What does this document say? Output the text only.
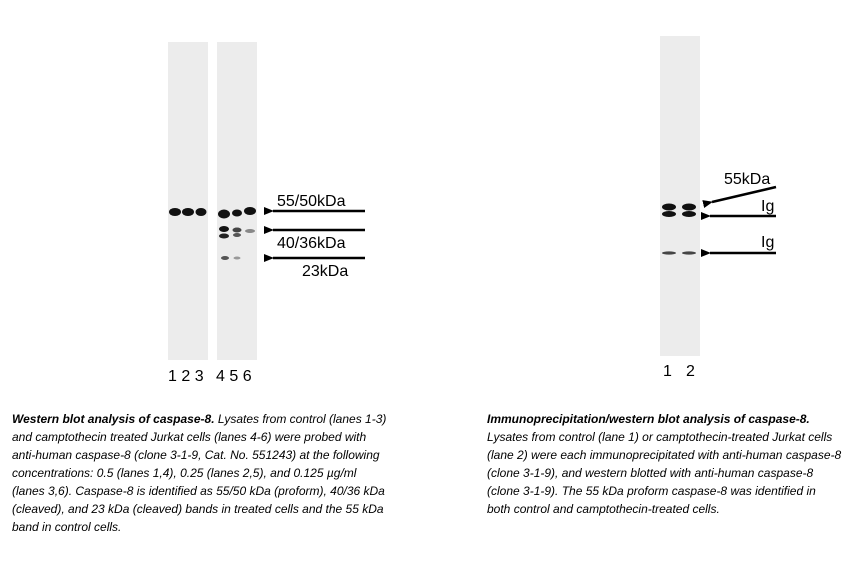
55/50kDa
40/36kDa
23kDa
1 2 3 4 5 6
55kDa
Ig
Ig
1 2
Western blot analysis of caspase-8. Lysates from control (lanes 1-3) and camptothecin treated Jurkat cells (lanes 4-6) were probed with anti-human caspase-8 (clone 3-1-9, Cat. No. 551243) at the following concentrations: 0.5 (lanes 1,4), 0.25 (lanes 2,5), and 0.125 µg/ml (lanes 3,6). Caspase-8 is identified as 55/50 kDa (proform), 40/36 kDa (cleaved), and 23 kDa (cleaved) bands in treated cells and the 55 kDa band in control cells.
Immunoprecipitation/western blot analysis of caspase-8. Lysates from control (lane 1) or camptothecin-treated Jurkat cells (lane 2) were each immunoprecipitated with anti-human caspase-8 (clone 3-1-9), and western blotted with anti-human caspase-8 (clone 3-1-9). The 55 kDa proform caspase-8 was identified in both control and camptothecin-treated cells.
